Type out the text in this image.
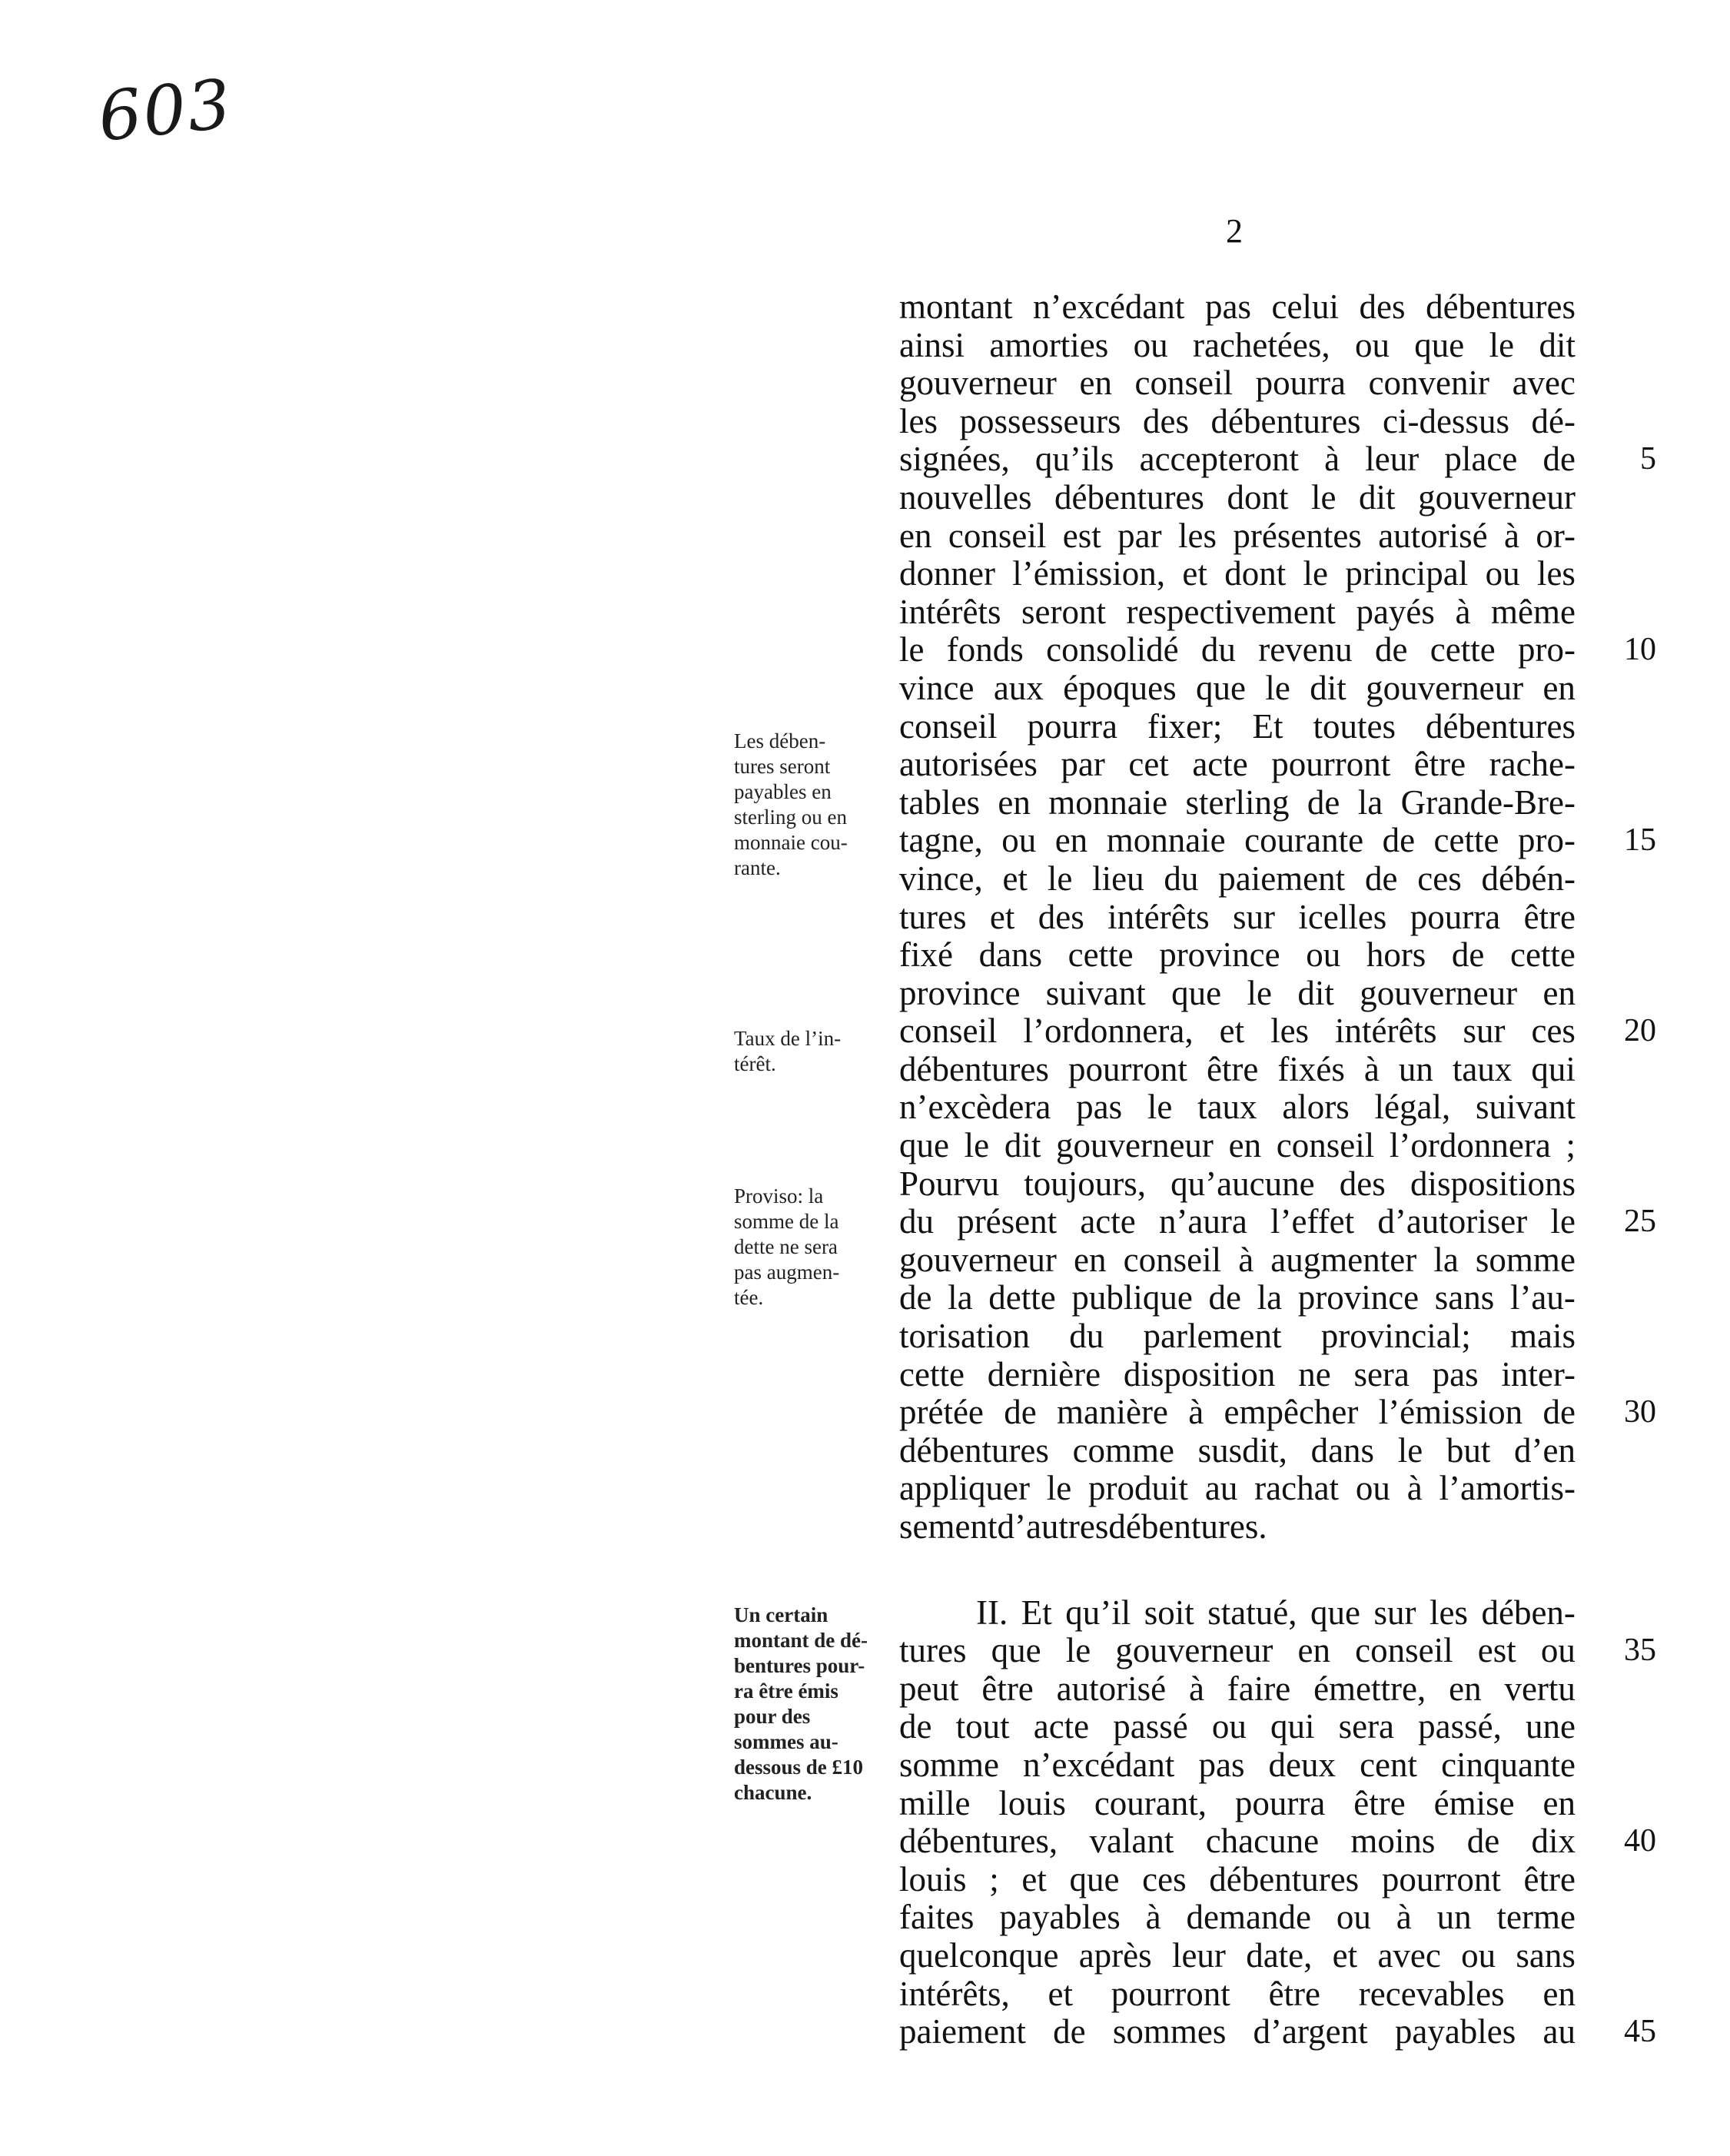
603
2
montant n’excédant pas celui des débentures
ainsi amorties ou rachetées, ou que le dit
gouverneur en conseil pourra convenir avec
les possesseurs des débentures ci-dessus dé-
signées, qu’ils accepteront à leur place de
nouvelles débentures dont le dit gouverneur
en conseil est par les présentes autorisé à or-
donner l’émission, et dont le principal ou les
intérêts seront respectivement payés à même
le fonds consolidé du revenu de cette pro-
vince aux époques que le dit gouverneur en
conseil pourra fixer; Et toutes débentures
autorisées par cet acte pourront être rache-
tables en monnaie sterling de la Grande-Bre-
tagne, ou en monnaie courante de cette pro-
vince, et le lieu du paiement de ces débén-
tures et des intérêts sur icelles pourra être
fixé dans cette province ou hors de cette
province suivant que le dit gouverneur en
conseil l’ordonnera, et les intérêts sur ces
débentures pourront être fixés à un taux qui
n’excèdera pas le taux alors légal, suivant
que le dit gouverneur en conseil l’ordonnera ;
Pourvu toujours, qu’aucune des dispositions
du présent acte n’aura l’effet d’autoriser le
gouverneur en conseil à augmenter la somme
de la dette publique de la province sans l’au-
torisation du parlement provincial; mais
cette dernière disposition ne sera pas inter-
prétée de manière à empêcher l’émission de
débentures comme susdit, dans le but d’en
appliquer le produit au rachat ou à l’amortis-
sement d’autres débentures.
II. Et qu’il soit statué, que sur les dében-
tures que le gouverneur en conseil est ou
peut être autorisé à faire émettre, en vertu
de tout acte passé ou qui sera passé, une
somme n’excédant pas deux cent cinquante
mille louis courant, pourra être émise en
débentures, valant chacune moins de dix
louis ; et que ces débentures pourront être
faites payables à demande ou à un terme
quelconque après leur date, et avec ou sans
intérêts, et pourront être recevables en
paiement de sommes d’argent payables au
5
10
15
20
25
30
35
40
45
Les dében-
tures seront
payables en
sterling ou en
monnaie cou-
rante.
Taux de l’in-
térêt.
Proviso: la
somme de la
dette ne sera
pas augmen-
tée.
Un certain
montant de dé-
bentures pour-
ra être émis
pour des
sommes au-
dessous de £10
chacune.
